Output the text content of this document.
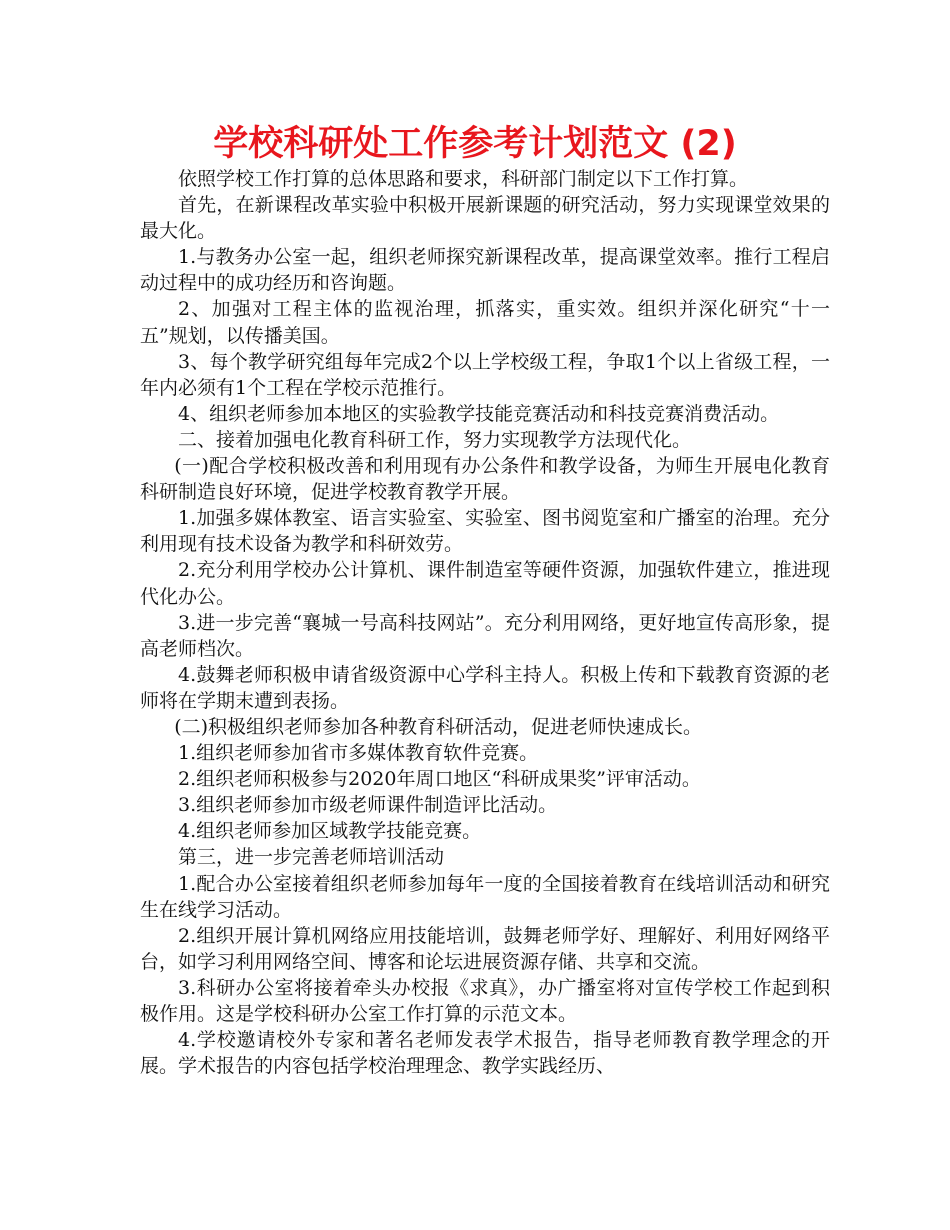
学校科研处工作参考计划范文 (2)

依照学校工作打算的总体思路和要求，科研部门制定以下工作打算。

首先，在新课程改革实验中积极开展新课题的研究活动，努力实现课堂效果的最大化。

1.与教务办公室一起，组织老师探究新课程改革，提高课堂效率。推行工程启动过程中的成功经历和咨询题。

2、加强对工程主体的监视治理，抓落实，重实效。组织并深化研究“十一五”规划，以传播美国。

3、每个教学研究组每年完成2个以上学校级工程，争取1个以上省级工程，一年内必须有1个工程在学校示范推行。

4、组织老师参加本地区的实验教学技能竞赛活动和科技竞赛消费活动。

二、接着加强电化教育科研工作，努力实现教学方法现代化。

(一)配合学校积极改善和利用现有办公条件和教学设备，为师生开展电化教育科研制造良好环境，促进学校教育教学开展。

1.加强多媒体教室、语言实验室、实验室、图书阅览室和广播室的治理。充分利用现有技术设备为教学和科研效劳。

2.充分利用学校办公计算机、课件制造室等硬件资源，加强软件建立，推进现代化办公。

3.进一步完善“襄城一号高科技网站”。充分利用网络，更好地宣传高形象，提高老师档次。

4.鼓舞老师积极申请省级资源中心学科主持人。积极上传和下载教育资源的老师将在学期末遭到表扬。

(二)积极组织老师参加各种教育科研活动，促进老师快速成长。

1.组织老师参加省市多媒体教育软件竞赛。

2.组织老师积极参与2020年周口地区“科研成果奖”评审活动。

3.组织老师参加市级老师课件制造评比活动。

4.组织老师参加区域教学技能竞赛。

第三，进一步完善老师培训活动

1.配合办公室接着组织老师参加每年一度的全国接着教育在线培训活动和研究生在线学习活动。

2.组织开展计算机网络应用技能培训，鼓舞老师学好、理解好、利用好网络平台，如学习利用网络空间、博客和论坛进展资源存储、共享和交流。

3.科研办公室将接着牵头办校报《求真》，办广播室将对宣传学校工作起到积极作用。这是学校科研办公室工作打算的示范文本。

4.学校邀请校外专家和著名老师发表学术报告，指导老师教育教学理念的开展。学术报告的内容包括学校治理理念、教学实践经历、
